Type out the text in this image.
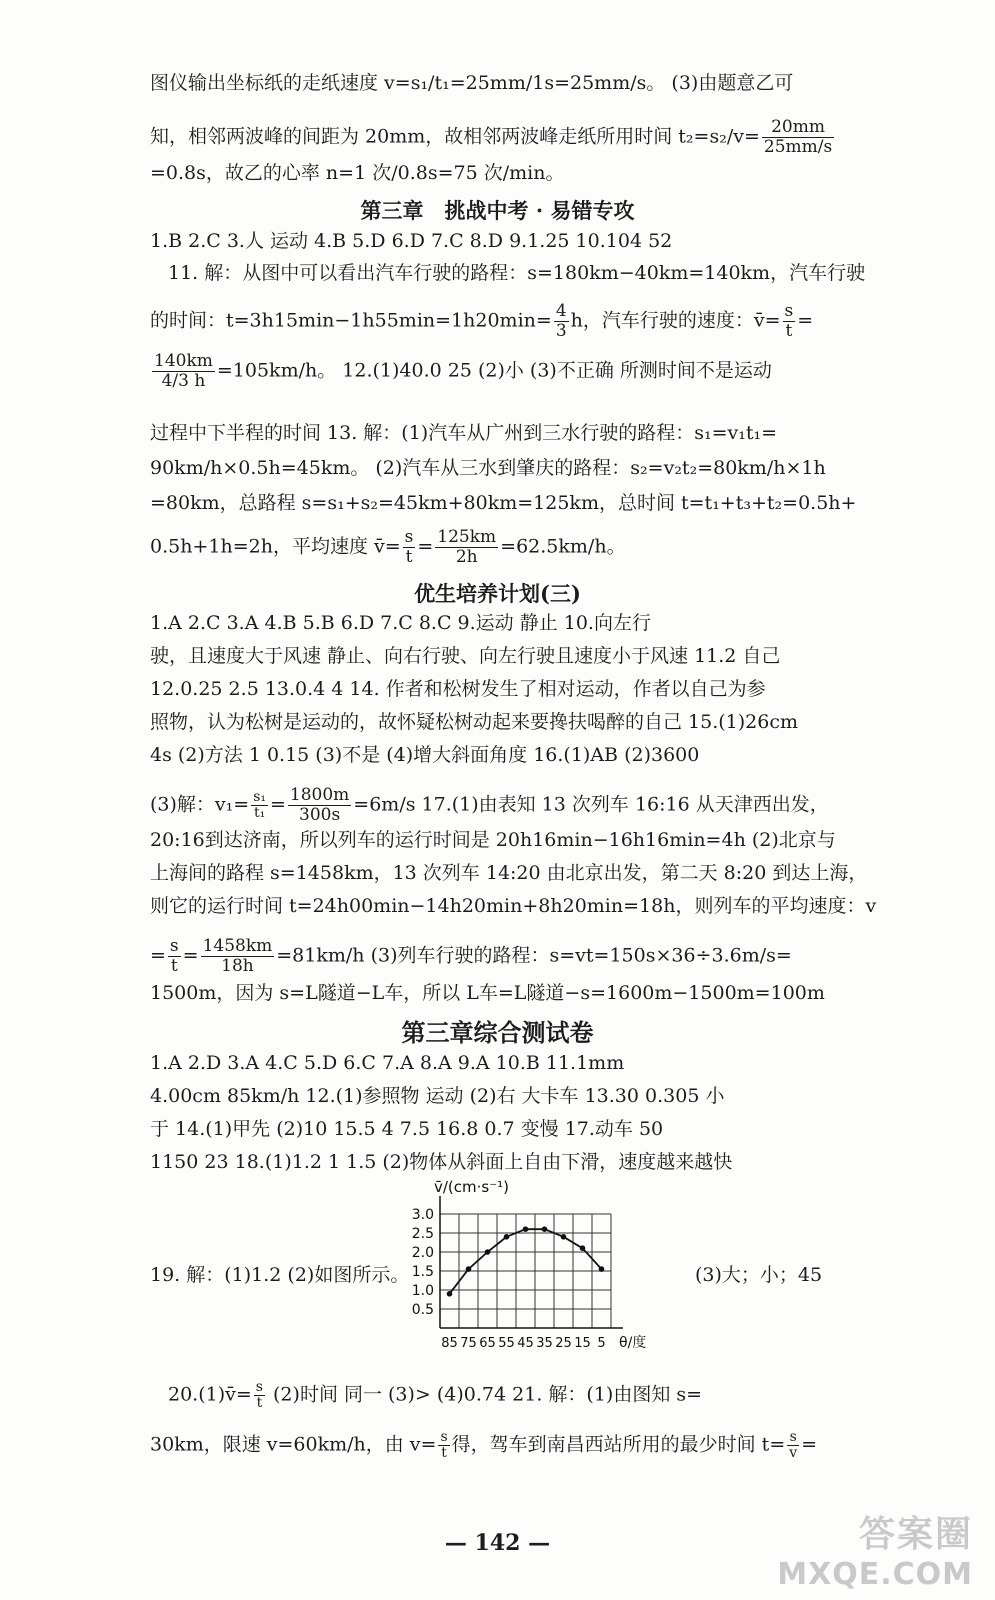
图仪输出坐标纸的走纸速度 v=s₁/t₁=25mm/1s=25mm/s。 (3)由题意乙可
知，相邻两波峰的间距为 20mm，故相邻两波峰走纸所用时间 $t_2=s_2/v= \frac{20mm}{25mm/s}$
=0.8s，故乙的心率 n=1 次/0.8s=75 次/min。
第三章　挑战中考 · 易错专攻
1.B 2.C 3.人 运动 4.B 5.D 6.D 7.C 8.D 9.1.25 10.104 52
11. 解：从图中可以看出汽车行驶的路程：s=180km−40km=140km，汽车行驶
的时间：$t=3h15\min-1h55\min=1h20\min= \frac{4}{3}$ h，汽车行驶的速度：v̄= $\frac{s}{t}$ =
$\frac{140km}{4/3 h} =105km/h$。 12.(1)40.0 25 (2)小 (3)不正确 所测时间不是运动
过程中下半程的时间 13. 解：(1)汽车从广州到三水行驶的路程：s₁=v₁t₁=
90km/h×0.5h=45km。 (2)汽车从三水到肇庆的路程：s₂=v₂t₂=80km/h×1h
=80km，总路程 s=s₁+s₂=45km+80km=125km，总时间 t=t₁+t₃+t₂=0.5h+
0.5h+1h=2h，平均速度 v̄= $\frac{s}{t} = \frac{125km}{2h} =62.5km/h$。
优生培养计划(三)
1.A 2.C 3.A 4.B 5.B 6.D 7.C 8.C 9.运动 静止 10.向左行
驶，且速度大于风速 静止、向右行驶、向左行驶且速度小于风速 11.2 自己
12.0.25 2.5 13.0.4 4 14. 作者和松树发生了相对运动，作者以自己为参
照物，认为松树是运动的，故怀疑松树动起来要搀扶喝醉的自己 15.(1)26cm
4s (2)方法 1 0.15 (3)不是 (4)增大斜面角度 16.(1)AB (2)3600
(3)解：$v_1= \frac{\text{s₁}}{\text{t₁}} = \frac{1800m}{300s} =6m/s$ 17.(1)由表知 13 次列车 16:16 从天津西出发，
20:16到达济南，所以列车的运行时间是 20h16min−16h16min=4h (2)北京与
上海间的路程 s=1458km，13 次列车 14:20 由北京出发，第二天 8:20 到达上海，
则它的运行时间 t=24h00min−14h20min+8h20min=18h，则列车的平均速度：v
= $\frac{s}{t} = \frac{1458km}{18h} =81km/h$ (3)列车行驶的路程：s=vt=150s×36÷3.6m/s=
1500m，因为 s=L隧道−L车，所以 L车=L隧道−s=1600m−1500m=100m
第三章综合测试卷
1.A 2.D 3.A 4.C 5.D 6.C 7.A 8.A 9.A 10.B 11.1mm
4.00cm 85km/h 12.(1)参照物 运动 (2)右 大卡车 13.30 0.305 小
于 14.(1)甲先 (2)10 15.5 4 7.5 16.8 0.7 变慢 17.动车 50
1150 23 18.(1)1.2 1 1.5 (2)物体从斜面上自由下滑，速度越来越快
19. 解：(1)1.2 (2)如图所示。	(3)大；小；45
0.5
1.0
1.5
2.0
2.5
3.0
85 75 65 55 45 35 25 15 5
v̄/(cm·s⁻¹)
θ/度
20.(1)v̄= $\frac{s}{t} (2)$时间 同一 (3)> (4)0.74 21. 解：(1)由图知 s=
30km，限速 v=60km/h，由 $v= \frac{s}{t}$ 得，驾车到南昌西站所用的最少时间 $t= \frac{s}{v}$ =
— 142 —	答案圈
MXQE.COM
